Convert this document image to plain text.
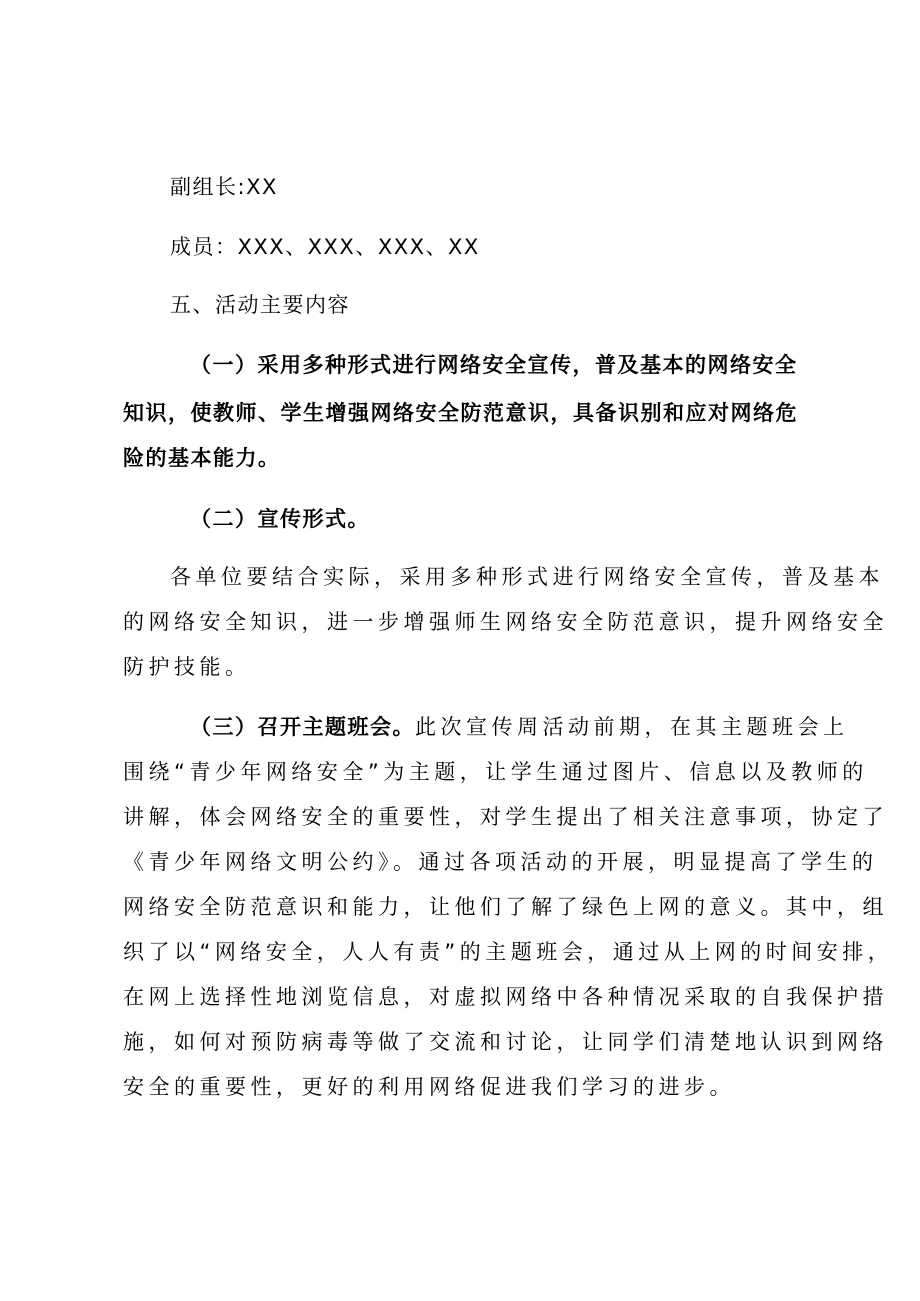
副组长:XX
成员：XXX、XXX、XXX、XX
五、活动主要内容
（一）采用多种形式进行网络安全宣传，普及基本的网络安全
知识，使教师、学生增强网络安全防范意识，具备识别和应对网络危
险的基本能力。
（二）宣传形式。
各单位要结合实际，采用多种形式进行网络安全宣传，普及基本
的网络安全知识，进一步增强师生网络安全防范意识，提升网络安全
防护技能。
（三）召开主题班会。此次宣传周活动前期，在其主题班会上
围绕“青少年网络安全”为主题，让学生通过图片、信息以及教师的
讲解，体会网络安全的重要性，对学生提出了相关注意事项，协定了
《青少年网络文明公约》。通过各项活动的开展，明显提高了学生的
网络安全防范意识和能力，让他们了解了绿色上网的意义。其中，组
织了以“网络安全，人人有责”的主题班会，通过从上网的时间安排，
在网上选择性地浏览信息，对虚拟网络中各种情况采取的自我保护措
施，如何对预防病毒等做了交流和讨论，让同学们清楚地认识到网络
安全的重要性，更好的利用网络促进我们学习的进步。
